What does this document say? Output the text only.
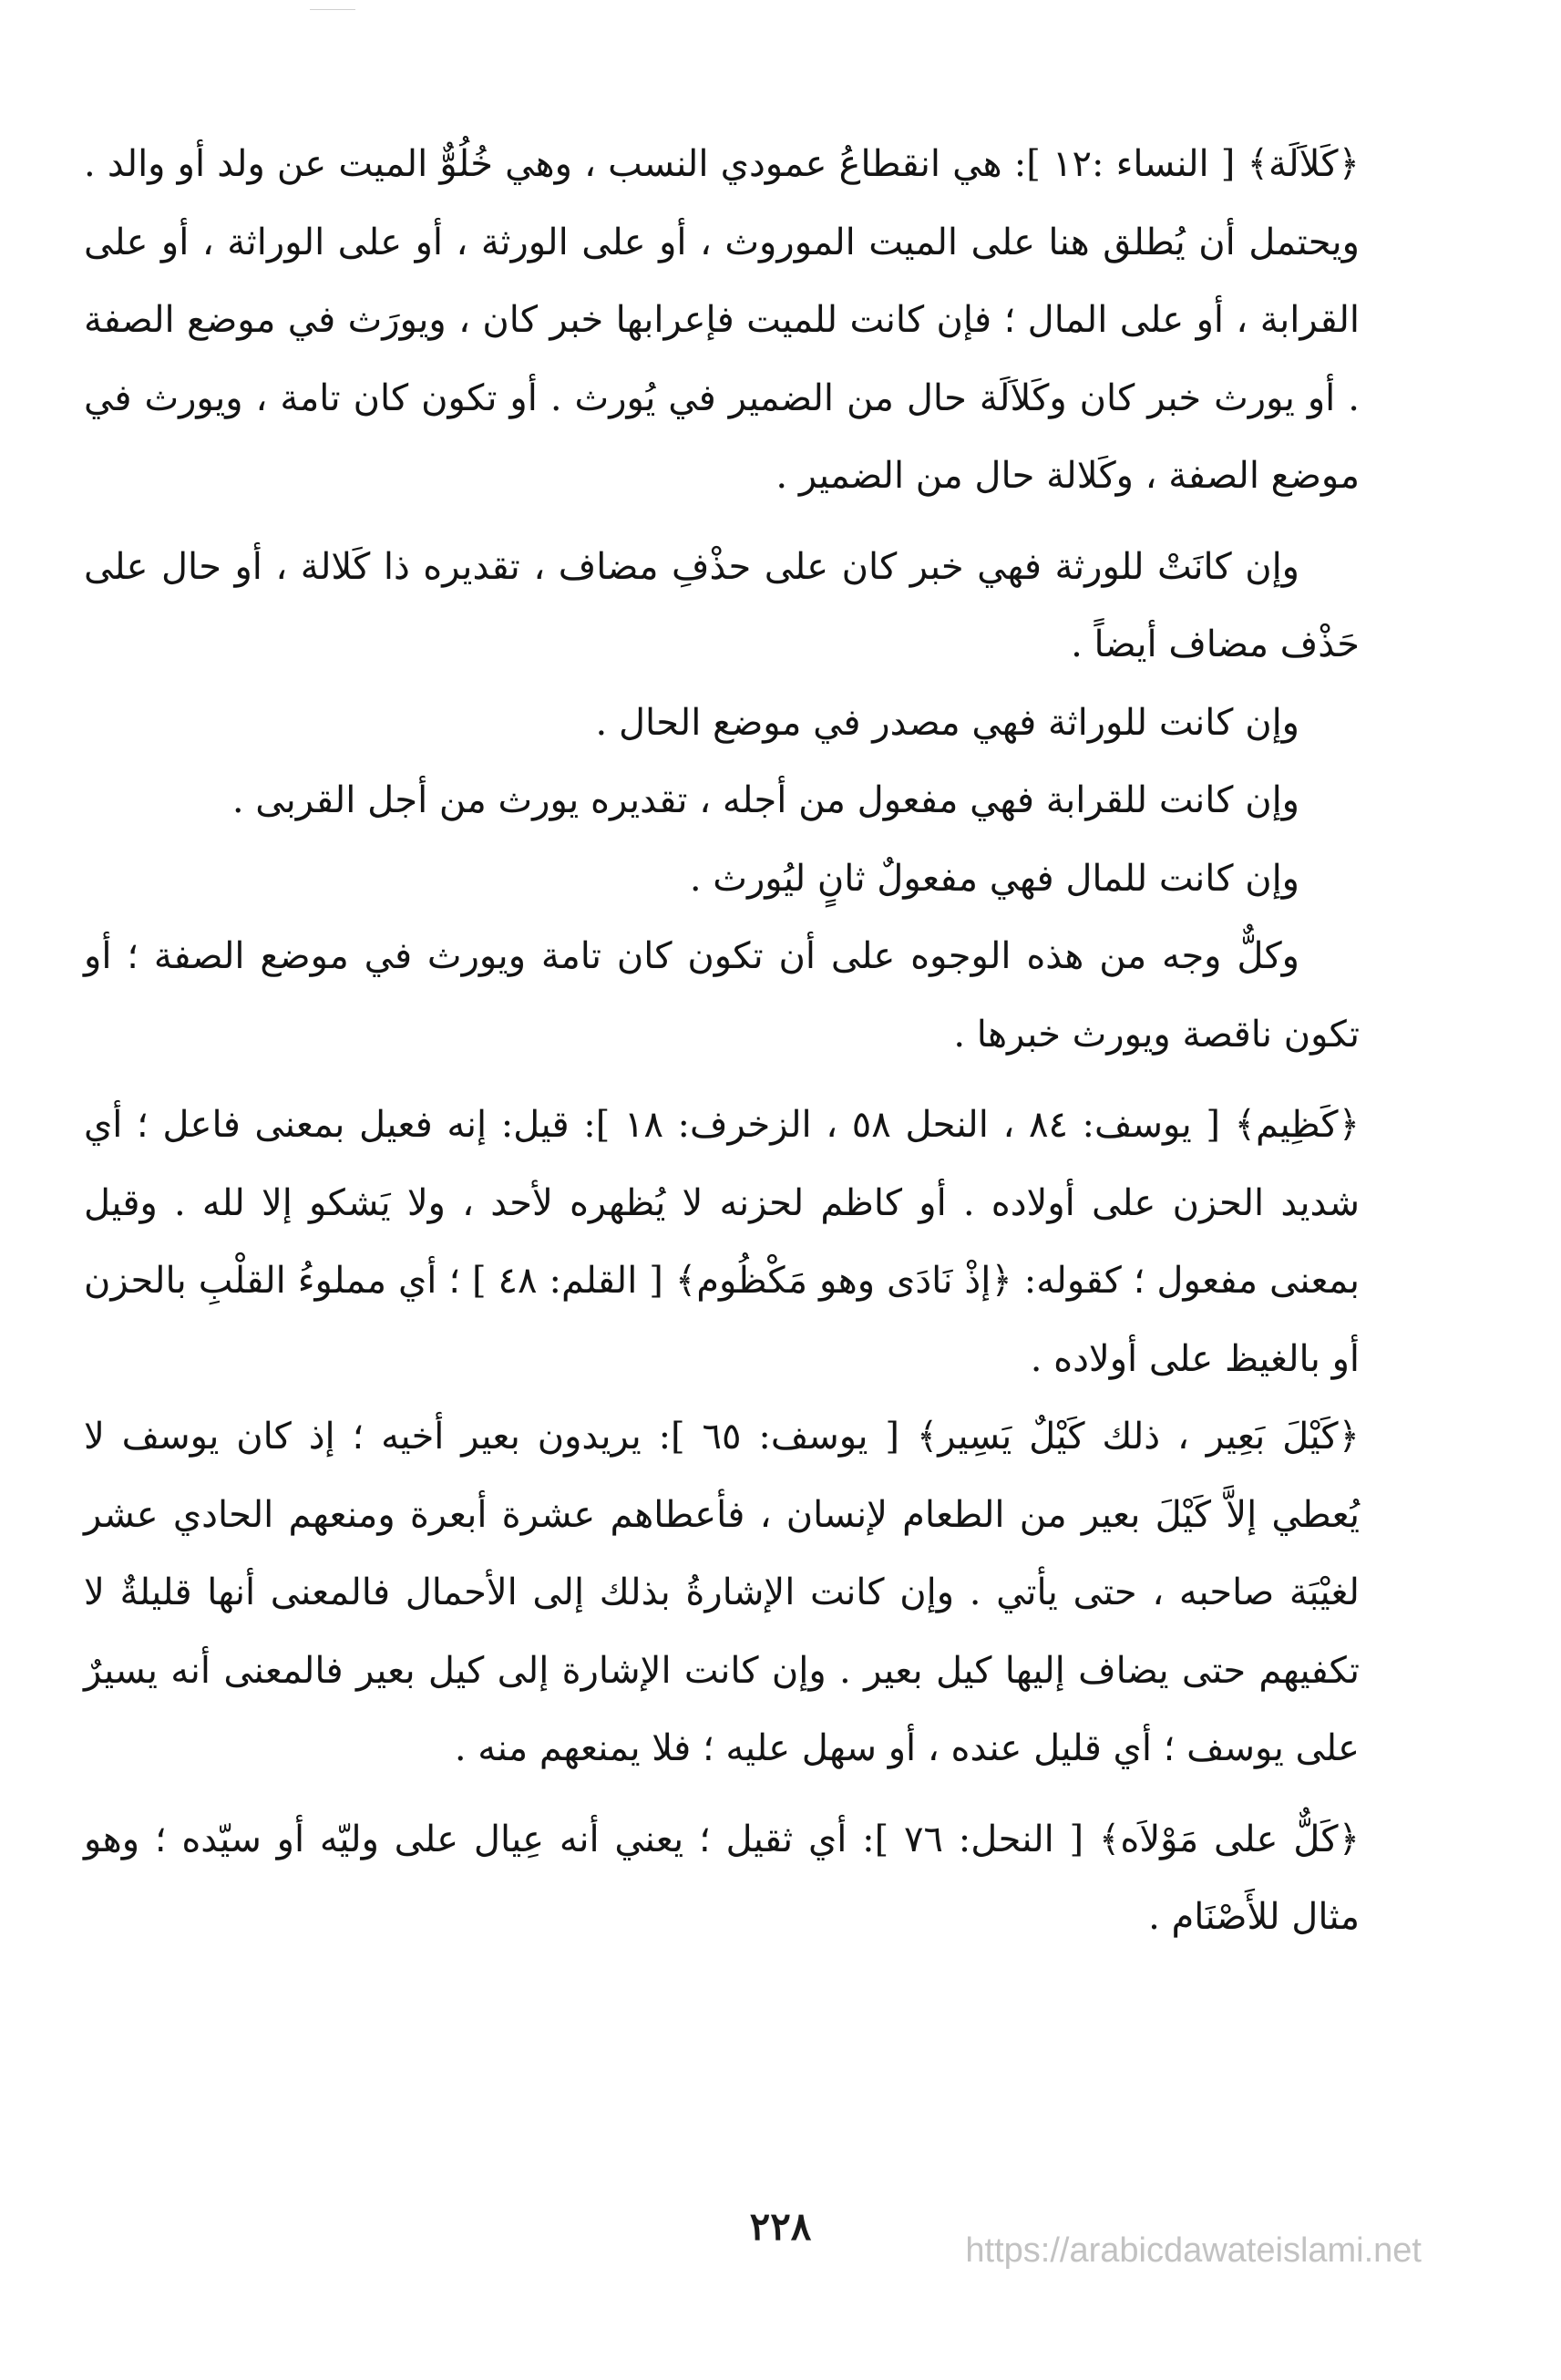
﴿كَلاَلَة﴾ [ النساء :١٢ ]: هي انقطاعُ عمودي النسب ، وهي خُلُوٌّ الميت عن ولد أو والد . ويحتمل أن يُطلق هنا على الميت الموروث ، أو على الورثة ، أو على الوراثة ، أو على القرابة ، أو على المال ؛ فإن كانت للميت فإعرابها خبر كان ، ويورَث في موضع الصفة . أو يورث خبر كان وكَلاَلَة حال من الضمير في يُورث . أو تكون كان تامة ، ويورث في موضع الصفة ، وكَلالة حال من الضمير .

وإن كانَتْ للورثة فهي خبر كان على حذْفِ مضاف ، تقديره ذا كَلالة ، أو حال على حَذْف مضاف أيضاً .

وإن كانت للوراثة فهي مصدر في موضع الحال .

وإن كانت للقرابة فهي مفعول من أجله ، تقديره يورث من أجل القربى .

وإن كانت للمال فهي مفعولٌ ثانٍ ليُورث .

وكلٌّ وجه من هذه الوجوه على أن تكون كان تامة ويورث في موضع الصفة ؛ أو تكون ناقصة ويورث خبرها .

﴿كَظِيم﴾ [ يوسف: ٨٤ ، النحل ٥٨ ، الزخرف: ١٨ ]: قيل: إنه فعيل بمعنى فاعل ؛ أي شديد الحزن على أولاده . أو كاظم لحزنه لا يُظهره لأحد ، ولا يَشكو إلا لله . وقيل بمعنى مفعول ؛ كقوله: ﴿إذْ نَادَى وهو مَكْظُوم﴾ [ القلم: ٤٨ ] ؛ أي مملوءُ القلْبِ بالحزن أو بالغيظ على أولاده .

﴿كَيْلَ بَعِير ، ذلك كَيْلٌ يَسِير﴾ [ يوسف: ٦٥ ]: يريدون بعير أخيه ؛ إذ كان يوسف لا يُعطي إلاَّ كَيْلَ بعير من الطعام لإنسان ، فأعطاهم عشرة أبعرة ومنعهم الحادي عشر لغيْبَة صاحبه ، حتى يأتي . وإن كانت الإشارةُ بذلك إلى الأحمال فالمعنى أنها قليلةٌ لا تكفيهم حتى يضاف إليها كيل بعير . وإن كانت الإشارة إلى كيل بعير فالمعنى أنه يسيرٌ على يوسف ؛ أي قليل عنده ، أو سهل عليه ؛ فلا يمنعهم منه .

﴿كَلٌّ على مَوْلاَه﴾ [ النحل: ٧٦ ]: أي ثقيل ؛ يعني أنه عِيال على وليّه أو سيّده ؛ وهو مثال للأَصْنَام .

٢٢٨
https://arabicdawateislami.net
